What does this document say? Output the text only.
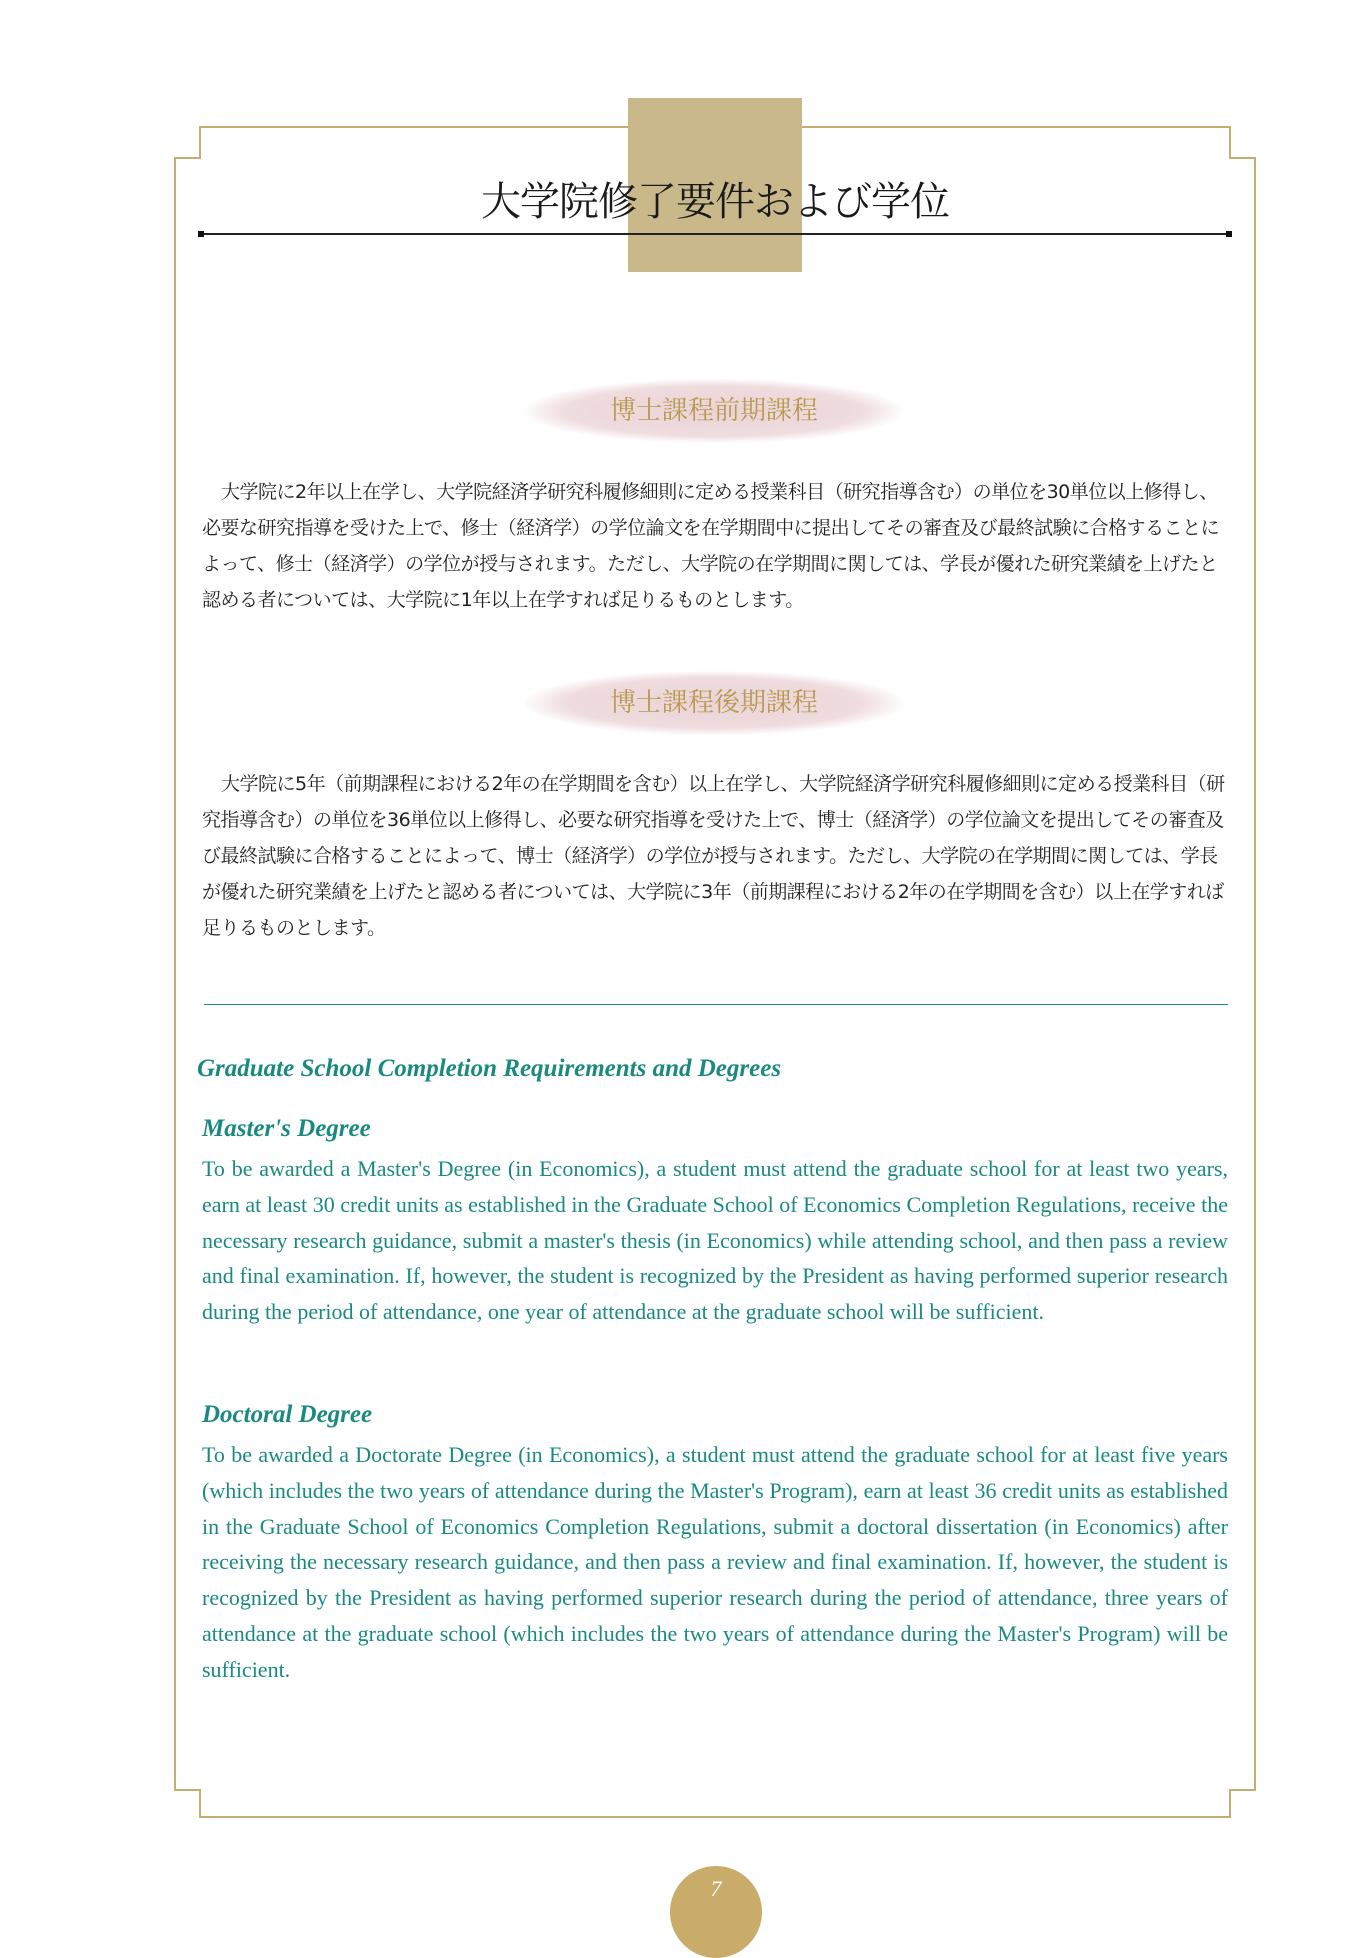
大学院修了要件および学位
博士課程前期課程

大学院に2年以上在学し、大学院経済学研究科履修細則に定める授業科目（研究指導含む）の単位を30単位以上修得し、必要な研究指導を受けた上で、修士（経済学）の学位論文を在学期間中に提出してその審査及び最終試験に合格することによって、修士（経済学）の学位が授与されます。ただし、大学院の在学期間に関しては、学長が優れた研究業績を上げたと認める者については、大学院に1年以上在学すれば足りるものとします。

博士課程後期課程

大学院に5年（前期課程における2年の在学期間を含む）以上在学し、大学院経済学研究科履修細則に定める授業科目（研究指導含む）の単位を36単位以上修得し、必要な研究指導を受けた上で、博士（経済学）の学位論文を提出してその審査及び最終試験に合格することによって、博士（経済学）の学位が授与されます。ただし、大学院の在学期間に関しては、学長が優れた研究業績を上げたと認める者については、大学院に3年（前期課程における2年の在学期間を含む）以上在学すれば足りるものとします。

Graduate School Completion Requirements and Degrees
Master's Degree

To be awarded a Master's Degree (in Economics), a student must attend the graduate school for at least two years, earn at least 30 credit units as established in the Graduate School of Economics Completion Regulations, receive the necessary research guidance, submit a master's thesis (in Economics) while attending school, and then pass a review and final examination. If, however, the student is recognized by the President as having performed superior research during the period of attendance, one year of attendance at the graduate school will be sufficient.

Doctoral Degree

To be awarded a Doctorate Degree (in Economics), a student must attend the graduate school for at least five years (which includes the two years of attendance during the Master's Program), earn at least 36 credit units as established in the Graduate School of Economics Completion Regulations, submit a doctoral dissertation (in Economics) after receiving the necessary research guidance, and then pass a review and final examination. If, however, the student is recognized by the President as having performed superior research during the period of attendance, three years of attendance at the graduate school (which includes the two years of attendance during the Master's Program) will be sufficient.

7
